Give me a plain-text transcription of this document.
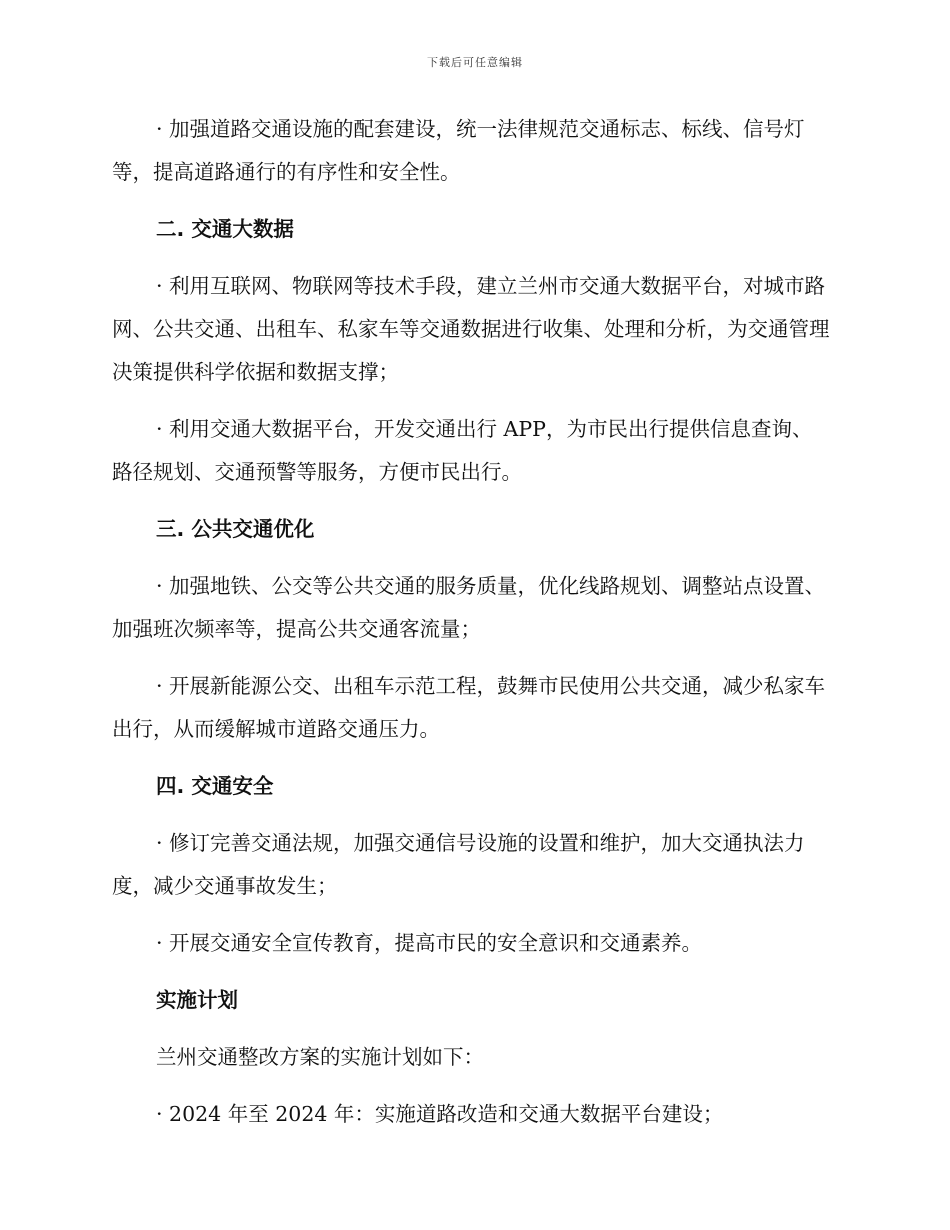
下载后可任意编辑

· 加强道路交通设施的配套建设，统一法律规范交通标志、标线、信号灯等，提高道路通行的有序性和安全性。

二. 交通大数据

· 利用互联网、物联网等技术手段，建立兰州市交通大数据平台，对城市路网、公共交通、出租车、私家车等交通数据进行收集、处理和分析，为交通管理决策提供科学依据和数据支撑；

· 利用交通大数据平台，开发交通出行 APP，为市民出行提供信息查询、路径规划、交通预警等服务，方便市民出行。

三. 公共交通优化

· 加强地铁、公交等公共交通的服务质量，优化线路规划、调整站点设置、加强班次频率等，提高公共交通客流量；

· 开展新能源公交、出租车示范工程，鼓舞市民使用公共交通，减少私家车出行，从而缓解城市道路交通压力。

四. 交通安全

· 修订完善交通法规，加强交通信号设施的设置和维护，加大交通执法力度，减少交通事故发生；

· 开展交通安全宣传教育，提高市民的安全意识和交通素养。

实施计划

兰州交通整改方案的实施计划如下：

· 2024 年至 2024 年：实施道路改造和交通大数据平台建设；
